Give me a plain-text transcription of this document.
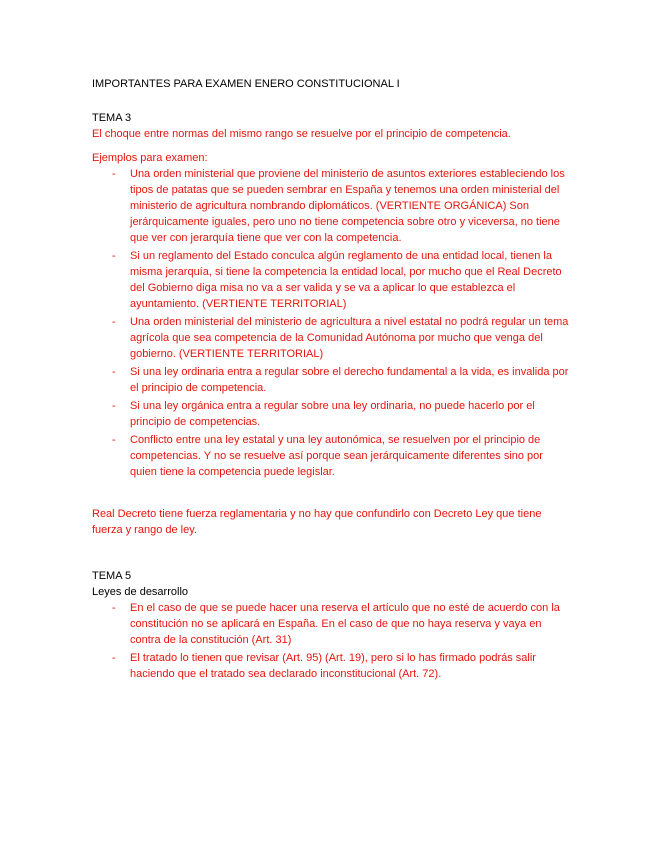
IMPORTANTES PARA EXAMEN ENERO CONSTITUCIONAL I

TEMA 3

El choque entre normas del mismo rango se resuelve por el principio de competencia.

Ejemplos para examen:

- Una orden ministerial que proviene del ministerio de asuntos exteriores estableciendo los tipos de patatas que se pueden sembrar en España y tenemos una orden ministerial del ministerio de agricultura nombrando diplomáticos. (VERTIENTE ORGÁNICA) Son jerárquicamente iguales, pero uno no tiene competencia sobre otro y viceversa, no tiene que ver con jerarquía tiene que ver con la competencia.
- Si un reglamento del Estado conculca algún reglamento de una entidad local, tienen la misma jerarquía, si tiene la competencia la entidad local, por mucho que el Real Decreto del Gobierno diga misa no va a ser valida y se va a aplicar lo que establezca el ayuntamiento. (VERTIENTE TERRITORIAL)
- Una orden ministerial del ministerio de agricultura a nivel estatal no podrá regular un tema agrícola que sea competencia de la Comunidad Autónoma por mucho que venga del gobierno. (VERTIENTE TERRITORIAL)
- Si una ley ordinaria entra a regular sobre el derecho fundamental a la vida, es invalida por el principio de competencia.
- Si una ley orgánica entra a regular sobre una ley ordinaria, no puede hacerlo por el principio de competencias.
- Conflicto entre una ley estatal y una ley autonómica, se resuelven por el principio de competencias. Y no se resuelve así porque sean jerárquicamente diferentes sino por quien tiene la competencia puede legislar.

Real Decreto tiene fuerza reglamentaria y no hay que confundirlo con Decreto Ley que tiene fuerza y rango de ley.

TEMA 5

Leyes de desarrollo

- En el caso de que se puede hacer una reserva el artículo que no esté de acuerdo con la constitución no se aplicará en España. En el caso de que no haya reserva y vaya en contra de la constitución (Art. 31)
- El tratado lo tienen que revisar (Art. 95) (Art. 19), pero si lo has firmado podrás salir haciendo que el tratado sea declarado inconstitucional (Art. 72).
